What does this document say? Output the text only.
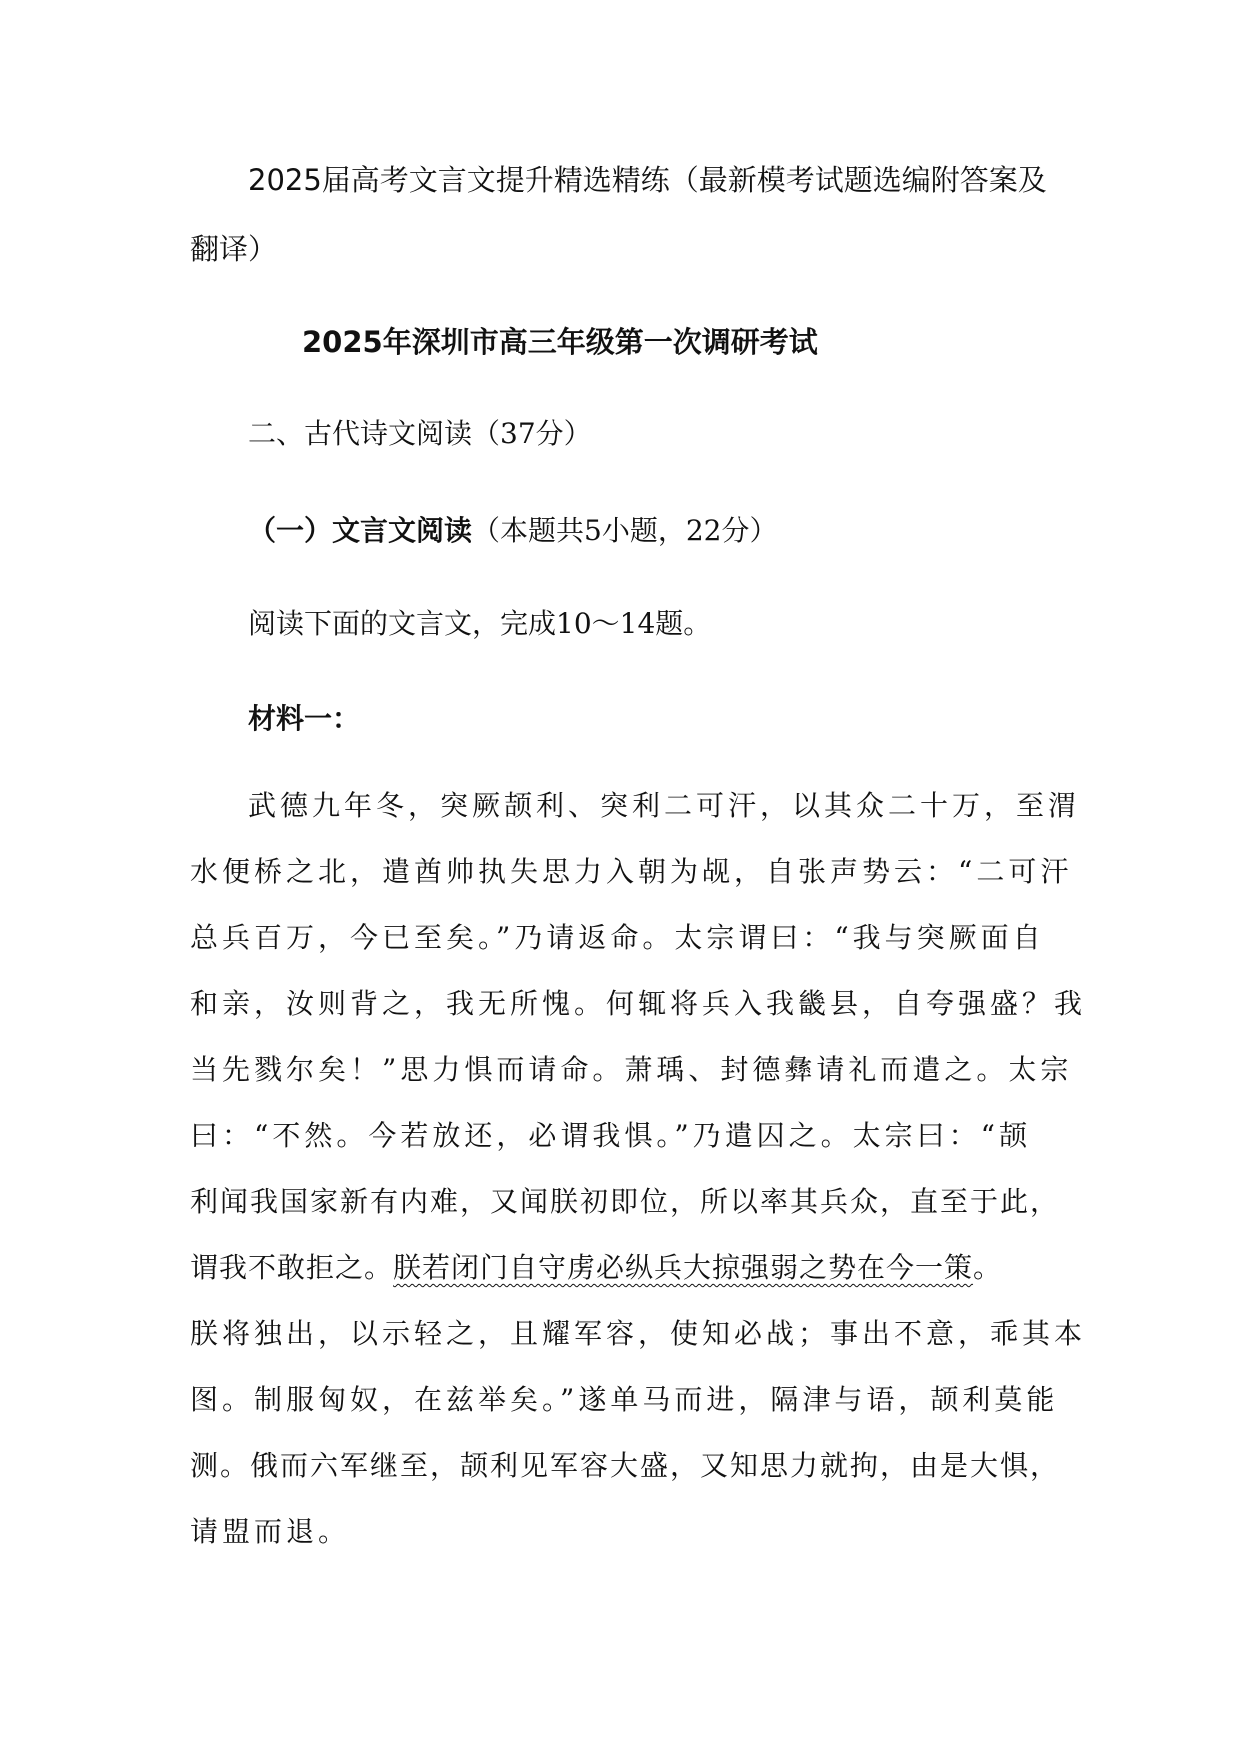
2025届高考文言文提升精选精练（最新模考试题选编附答案及
翻译）
2025年深圳市高三年级第一次调研考试
二、古代诗文阅读（37分）
（一）文言文阅读（本题共5小题，22分）
阅读下面的文言文，完成10～14题。
材料一：
武德九年冬，突厥颉利、突利二可汗，以其众二十万，至渭
水便桥之北，遣酋帅执失思力入朝为觇，自张声势云：“二可汗
总兵百万，今已至矣。”乃请返命。太宗谓曰：“我与突厥面自
和亲，汝则背之，我无所愧。何辄将兵入我畿县，自夸强盛？我
当先戮尔矣！”思力惧而请命。萧瑀、封德彝请礼而遣之。太宗
曰：“不然。今若放还，必谓我惧。”乃遣囚之。太宗曰：“颉
利闻我国家新有内难，又闻朕初即位，所以率其兵众，直至于此，
谓我不敢拒之。朕若闭门自守虏必纵兵大掠强弱之势在今一策。
朕将独出，以示轻之，且耀军容，使知必战；事出不意，乖其本
图。制服匈奴，在兹举矣。”遂单马而进，隔津与语，颉利莫能
测。俄而六军继至，颉利见军容大盛，又知思力就拘，由是大惧，
请盟而退。
